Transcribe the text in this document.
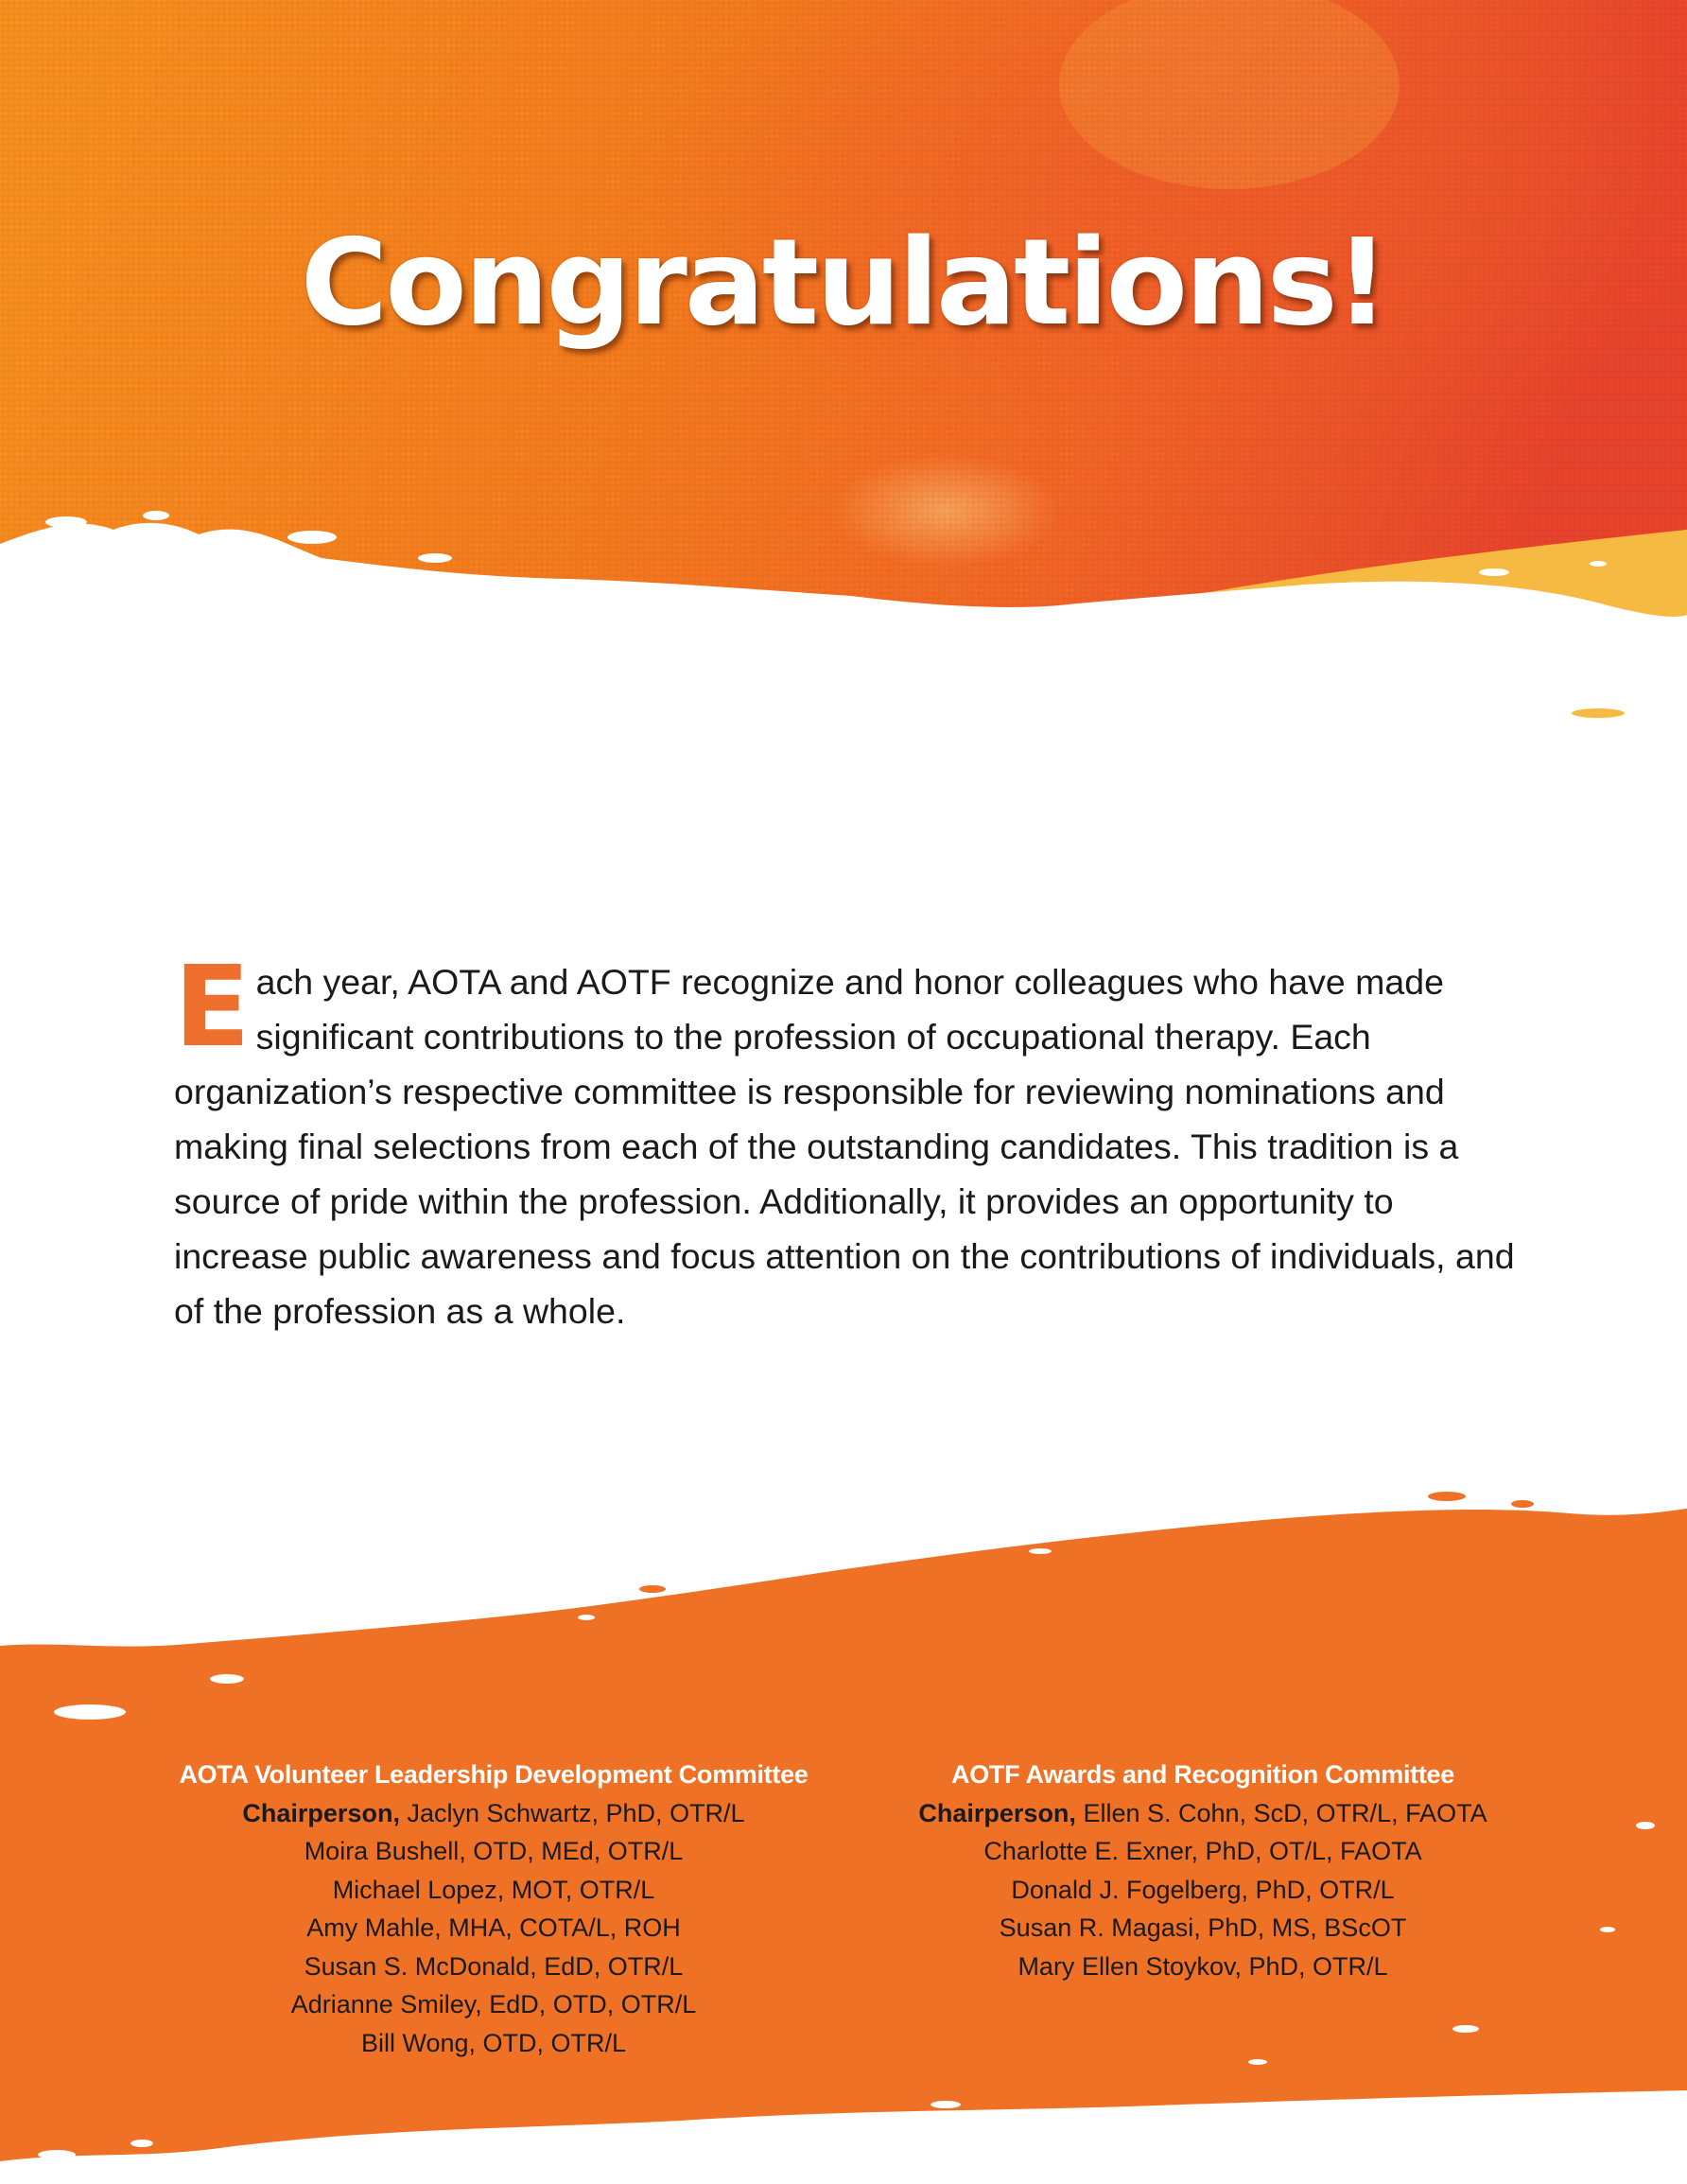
Congratulations!

Each year, AOTA and AOTF recognize and honor colleagues who have made significant contributions to the profession of occupational therapy. Each organization’s respective committee is responsible for reviewing nominations and making final selections from each of the outstanding candidates. This tradition is a source of pride within the profession. Additionally, it provides an opportunity to increase public awareness and focus attention on the contributions of individuals, and of the profession as a whole.

AOTA Volunteer Leadership Development Committee
Chairperson, Jaclyn Schwartz, PhD, OTR/L
Moira Bushell, OTD, MEd, OTR/L
Michael Lopez, MOT, OTR/L
Amy Mahle, MHA, COTA/L, ROH
Susan S. McDonald, EdD, OTR/L
Adrianne Smiley, EdD, OTD, OTR/L
Bill Wong, OTD, OTR/L
AOTF Awards and Recognition Committee
Chairperson, Ellen S. Cohn, ScD, OTR/L, FAOTA
Charlotte E. Exner, PhD, OT/L, FAOTA
Donald J. Fogelberg, PhD, OTR/L
Susan R. Magasi, PhD, MS, BScOT
Mary Ellen Stoykov, PhD, OTR/L
